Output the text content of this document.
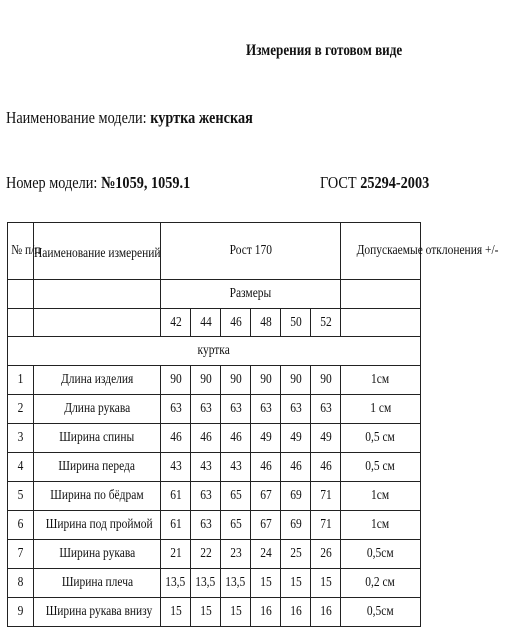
Измерения в готовом виде
Наименование модели: куртка женская
Номер модели: №1059, 1059.1	ГОСТ 25294-2003
№ п/п	Наименование измерений	Рост 170						Допускаемые отклонения +/-
		Размеры						
		42	44	46	48	50	52	
куртка								
1	Длина изделия	90	90	90	90	90	90	1см
2	Длина рукава	63	63	63	63	63	63	1 см
3	Ширина спины	46	46	46	49	49	49	0,5 см
4	Ширина переда	43	43	43	46	46	46	0,5 см
5	Ширина по бёдрам	61	63	65	67	69	71	1см
6	Ширина под проймой	61	63	65	67	69	71	1см
7	Ширина рукава	21	22	23	24	25	26	0,5см
8	Ширина плеча	13,5	13,5	13,5	15	15	15	0,2 см
9	Ширина рукава внизу	15	15	15	16	16	16	0,5см
